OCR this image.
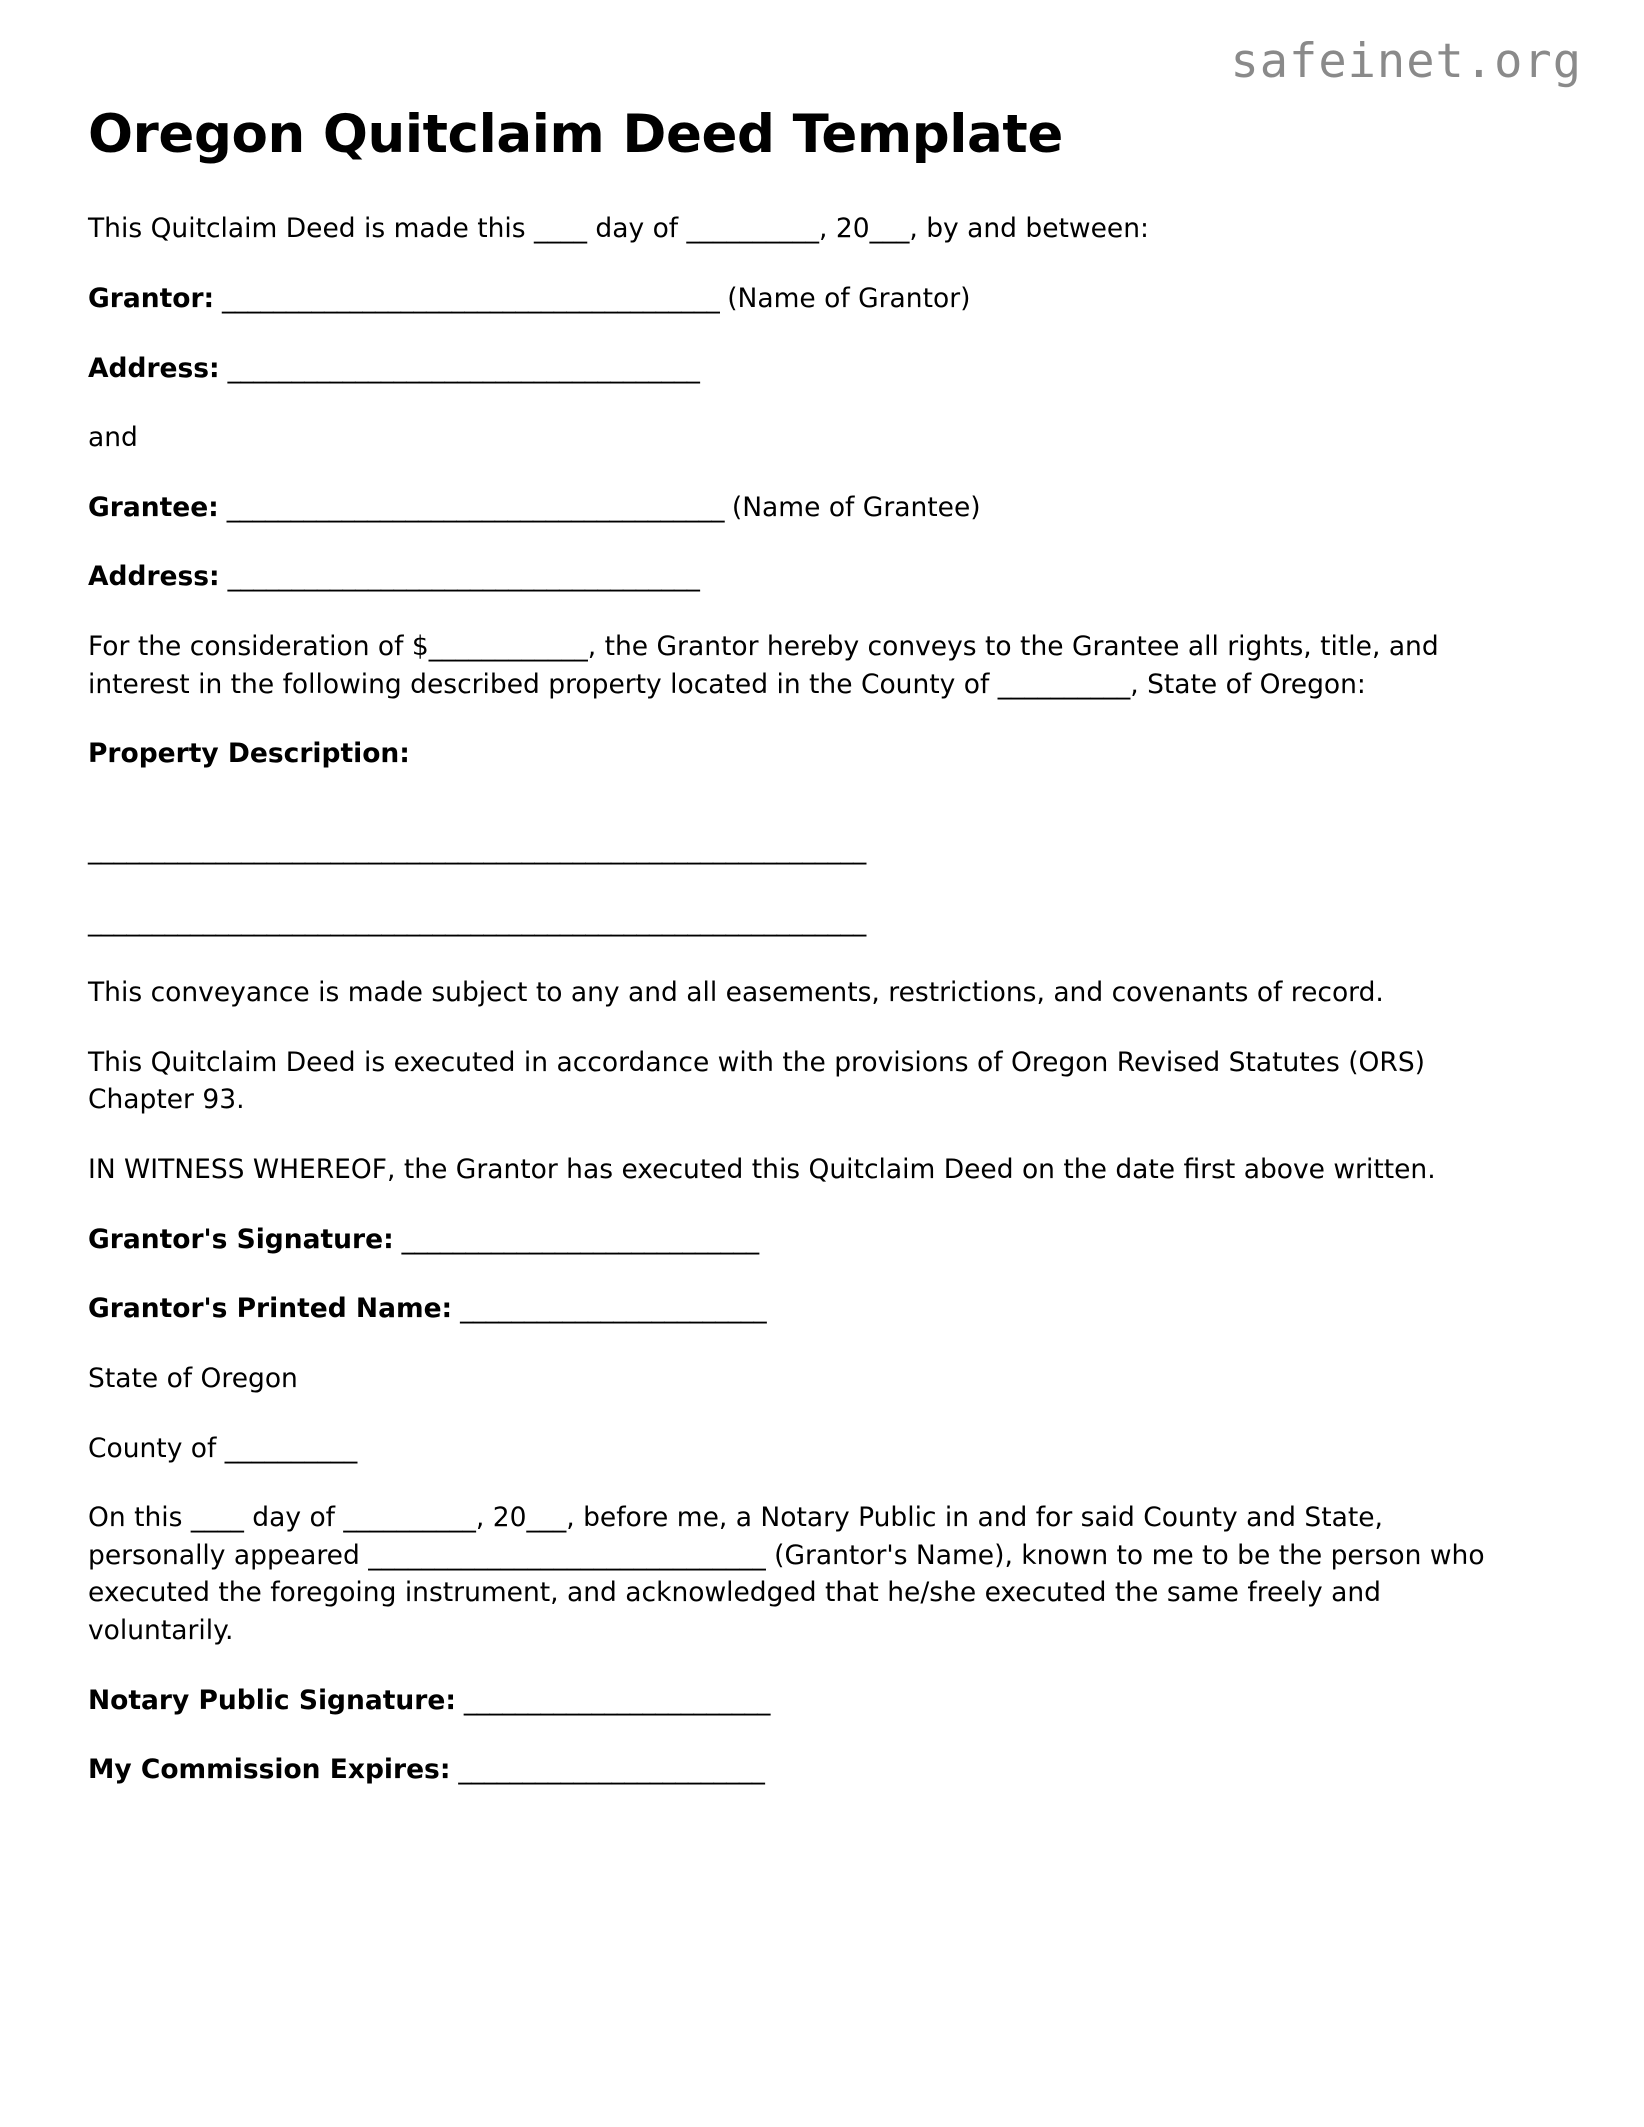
safeinet.org
Oregon Quitclaim Deed Template

This Quitclaim Deed is made this ____ day of __________, 20___, by and between:

Grantor: _______________________________________ (Name of Grantor)

Address: _____________________________________

and

Grantee: _______________________________________ (Name of Grantee)

Address: _____________________________________

For the consideration of $____________, the Grantor hereby conveys to the Grantee all rights, title, and interest in the following described property located in the County of __________, State of Oregon:

Property Description:

_____________________________________________________________

_____________________________________________________________

This conveyance is made subject to any and all easements, restrictions, and covenants of record.

This Quitclaim Deed is executed in accordance with the provisions of Oregon Revised Statutes (ORS) Chapter 93.

IN WITNESS WHEREOF, the Grantor has executed this Quitclaim Deed on the date first above written.

Grantor's Signature: ____________________________

Grantor's Printed Name: ________________________

State of Oregon

County of __________

On this ____ day of __________, 20___, before me, a Notary Public in and for said County and State, personally appeared ______________________________ (Grantor's Name), known to me to be the person who executed the foregoing instrument, and acknowledged that he/she executed the same freely and voluntarily.

Notary Public Signature: ________________________

My Commission Expires: ________________________
